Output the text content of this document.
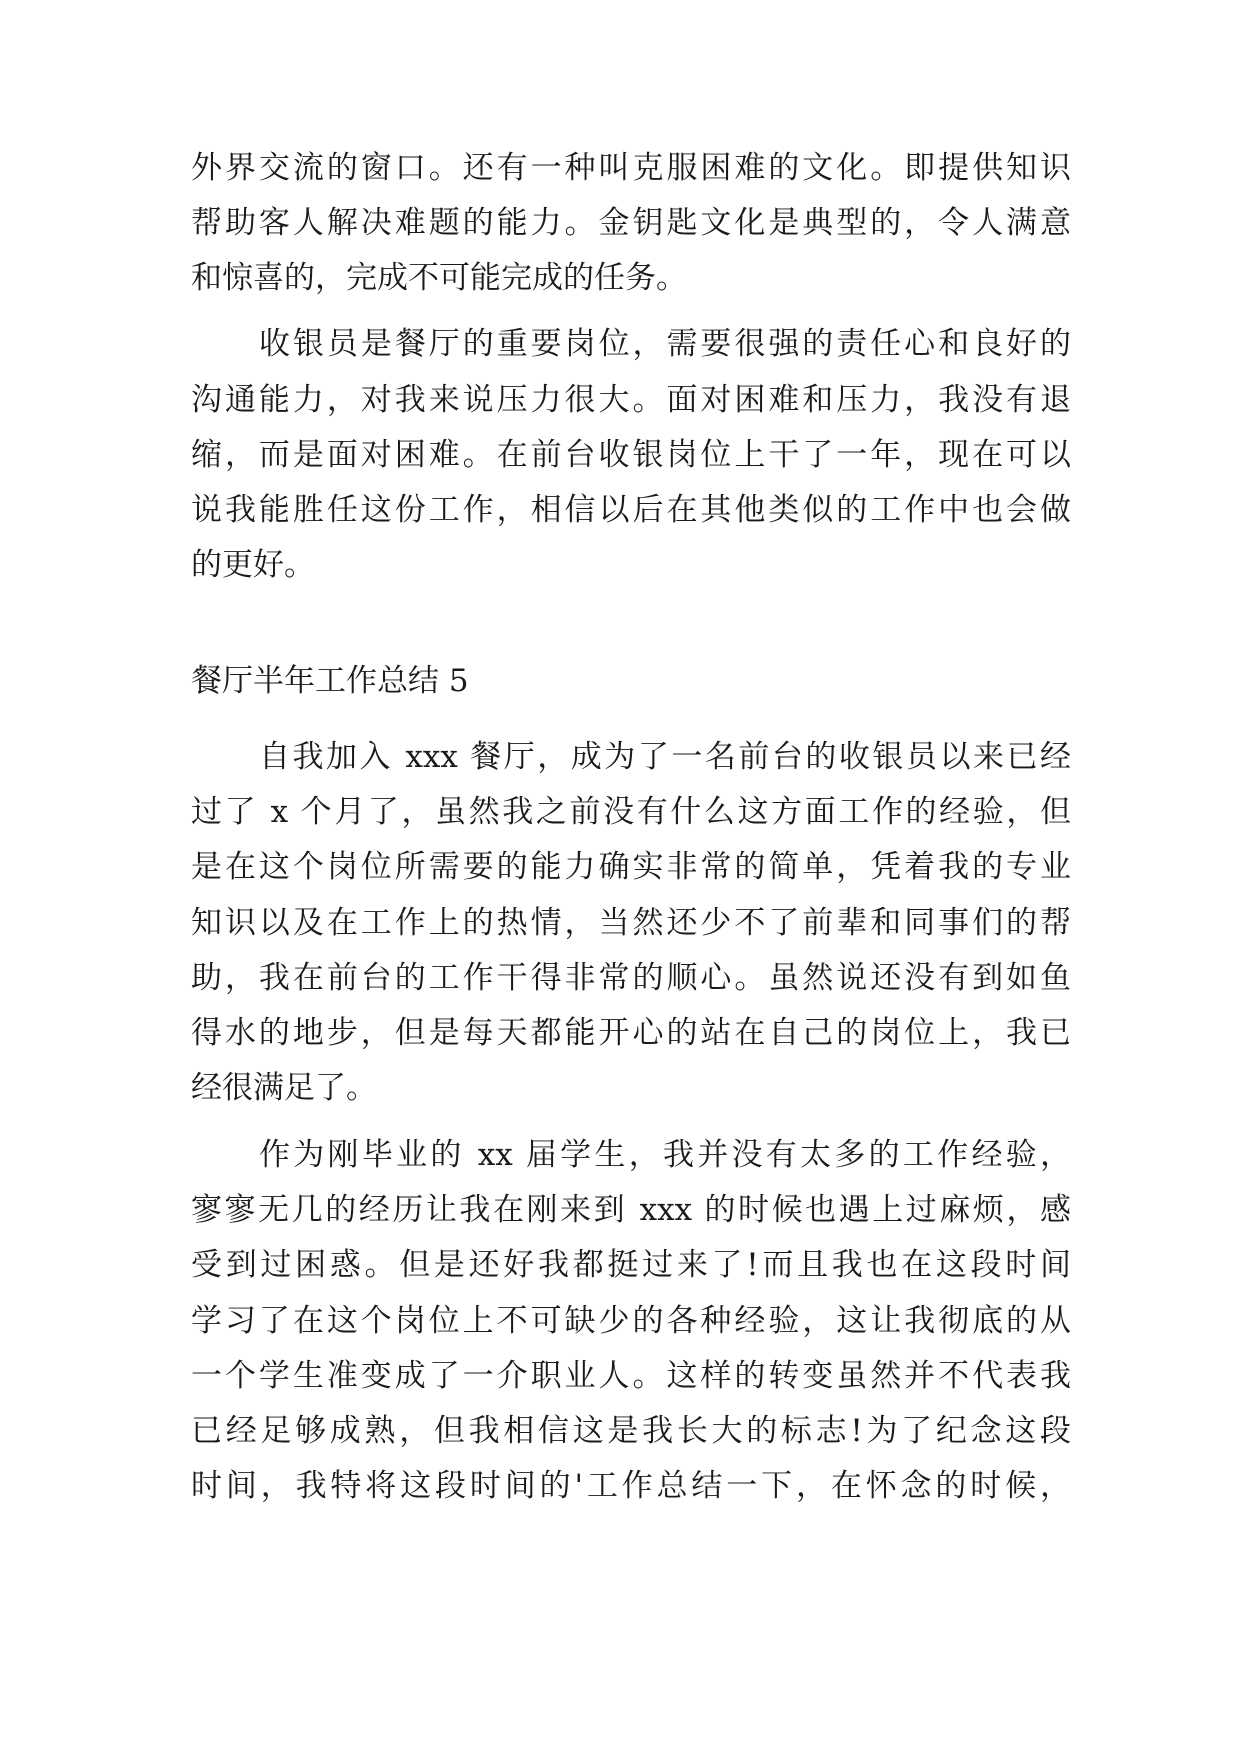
外界交流的窗口。还有一种叫克服困难的文化。即提供知识
帮助客人解决难题的能力。金钥匙文化是典型的，令人满意
和惊喜的，完成不可能完成的任务。
收银员是餐厅的重要岗位，需要很强的责任心和良好的
沟通能力，对我来说压力很大。面对困难和压力，我没有退
缩，而是面对困难。在前台收银岗位上干了一年，现在可以
说我能胜任这份工作，相信以后在其他类似的工作中也会做
的更好。
餐厅半年工作总结 5
自我加入 xxx 餐厅，成为了一名前台的收银员以来已经
过了 x 个月了，虽然我之前没有什么这方面工作的经验，但
是在这个岗位所需要的能力确实非常的简单，凭着我的专业
知识以及在工作上的热情，当然还少不了前辈和同事们的帮
助，我在前台的工作干得非常的顺心。虽然说还没有到如鱼
得水的地步，但是每天都能开心的站在自己的岗位上，我已
经很满足了。
作为刚毕业的 xx 届学生，我并没有太多的工作经验，
寥寥无几的经历让我在刚来到 xxx 的时候也遇上过麻烦，感
受到过困惑。但是还好我都挺过来了!而且我也在这段时间
学习了在这个岗位上不可缺少的各种经验，这让我彻底的从
一个学生准变成了一介职业人。这样的转变虽然并不代表我
已经足够成熟，但我相信这是我长大的标志!为了纪念这段
时间，我特将这段时间的'工作总结一下，在怀念的时候，
